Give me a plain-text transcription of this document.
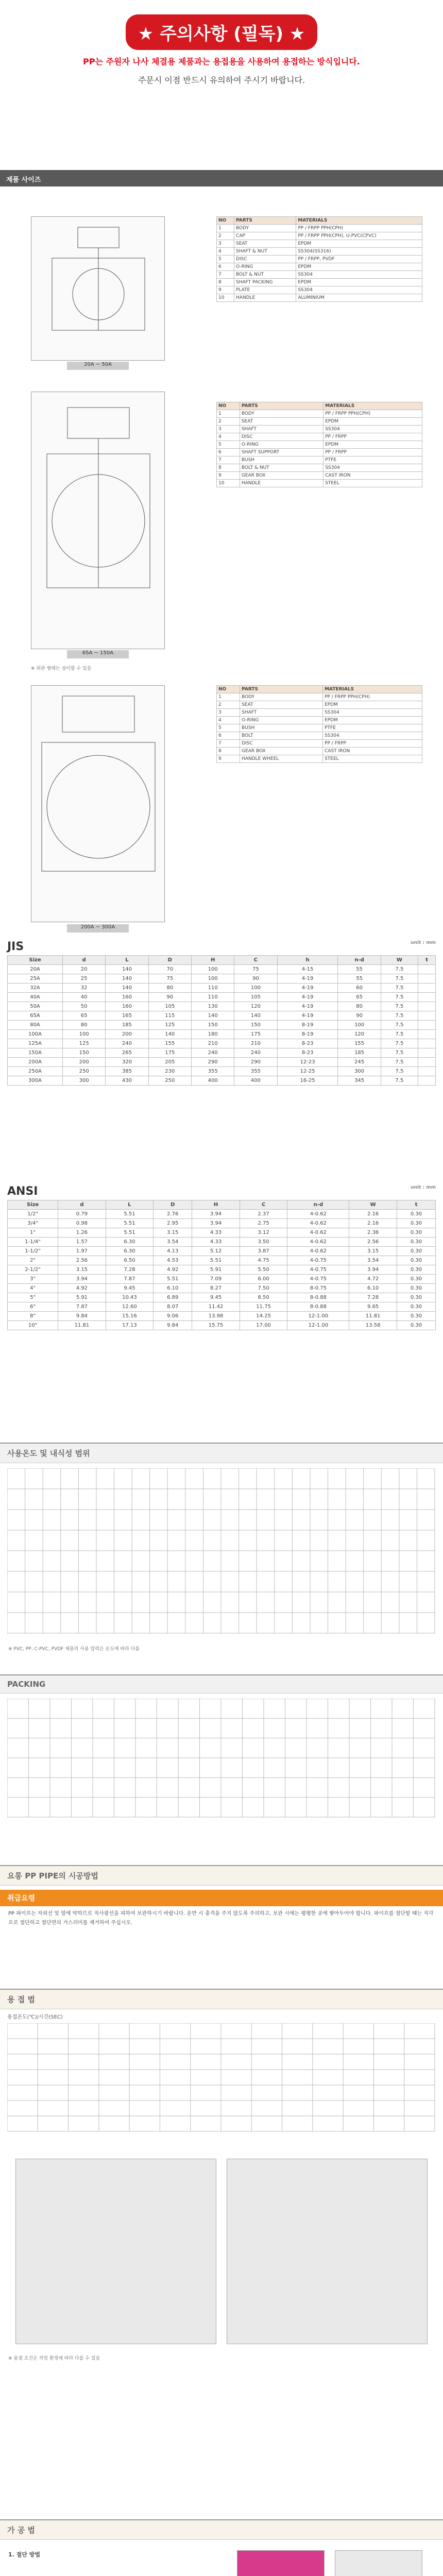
★ 주의사항 (필독) ★

PP는 주원자 나사 체결용 제품과는 용접용을 사용하여 용접하는 방식입니다.

주문시 이점 반드시 유의하여 주시기 바랍니다.

제품 사이즈
20A ~ 50A
NO	PARTS	MATERIALS
1	BODY	PP / FRPP PPH(CPH)
2	CAP	PP / FRPP PPH(CPH), U-PVC(CPVC)
3	SEAT	EPDM
4	SHAFT & NUT	SS304(SS316)
5	DISC	PP / FRPP, PVDF
6	O-RING	EPDM
7	BOLT & NUT	SS304
8	SHAFT PACKING	EPDM
9	PLATE	SS304
10	HANDLE	ALUMINIUM
65A ~ 150A
NO	PARTS	MATERIALS
1	BODY	PP / FRPP PPH(CPH)
2	SEAT	EPDM
3	SHAFT	SS304
4	DISC	PP / FRPP
5	O-RING	EPDM
6	SHAFT SUPPORT	PP / FRPP
7	BUSH	PTFE
8	BOLT & NUT	SS304
9	GEAR BOX	CAST IRON
10	HANDLE	STEEL
※ 외관 형태는 상이할 수 있음
200A ~ 300A
NO	PARTS	MATERIALS
1	BODY	PP / FRPP PPH(CPH)
2	SEAT	EPDM
3	SHAFT	SS304
4	O-RING	EPDM
5	BUSH	PTFE
6	BOLT	SS304
7	DISC	PP / FRPP
8	GEAR BOX	CAST IRON
9	HANDLE WHEEL	STEEL
JIS	unit : mm
Size	d	L	D	H	C	h	n-d	W	t
20A	20	140	70	100	75	4-15	55	7.5	
25A	25	140	75	100	90	4-19	55	7.5	
32A	32	140	80	110	100	4-19	60	7.5	
40A	40	160	90	110	105	4-19	65	7.5	
50A	50	160	105	130	120	4-19	80	7.5	
65A	65	165	115	140	140	4-19	90	7.5	
80A	80	185	125	150	150	8-19	100	7.5	
100A	100	200	140	180	175	8-19	120	7.5	
125A	125	240	155	210	210	8-23	155	7.5	
150A	150	265	175	240	240	8-23	185	7.5	
200A	200	320	205	290	290	12-23	245	7.5	
250A	250	385	230	355	355	12-25	300	7.5	
300A	300	430	250	400	400	16-25	345	7.5	
ANSI	unit : mm
Size	d	L	D	H	C	n-d	W	t
1/2"	0.79	5.51	2.76	3.94	2.37	4-0.62	2.16	0.30
3/4"	0.98	5.51	2.95	3.94	2.75	4-0.62	2.16	0.30
1"	1.26	5.51	3.15	4.33	3.12	4-0.62	2.36	0.30
1-1/4"	1.57	6.30	3.54	4.33	3.50	4-0.62	2.56	0.30
1-1/2"	1.97	6.30	4.13	5.12	3.87	4-0.62	3.15	0.30
2"	2.56	6.50	4.53	5.51	4.75	4-0.75	3.54	0.30
2-1/2"	3.15	7.28	4.92	5.91	5.50	4-0.75	3.94	0.30
3"	3.94	7.87	5.51	7.09	6.00	4-0.75	4.72	0.30
4"	4.92	9.45	6.10	8.27	7.50	8-0.75	6.10	0.30
5"	5.91	10.43	6.89	9.45	8.50	8-0.88	7.28	0.30
6"	7.87	12.60	8.07	11.42	11.75	8-0.88	9.65	0.30
8"	9.84	15.16	9.06	13.98	14.25	12-1.00	11.81	0.30
10"	11.81	17.13	9.84	15.75	17.00	12-1.00	13.58	0.30
사용온도 및 내식성 범위
※ PVC, PP, C-PVC, PVDF 제품의 사용 압력은 온도에 따라 다름
PACKING
요롱 PP PIPE의 시공방법
취급요령
PP 파이프는 자외선 및 열에 약하므로 직사광선을 피하여 보관하시기 바랍니다. 운반 시 충격을 주지 않도록 주의하고, 보관 시에는 평평한 곳에 쌓아두어야 합니다. 파이프를 절단할 때는 직각으로 절단하고 절단면의 거스러미를 제거하여 주십시오.
용 접 법
용접온도(℃)/시간(SEC)
※ 용접 조건은 작업 환경에 따라 다를 수 있음
가 공 법
1. 절단 방법
